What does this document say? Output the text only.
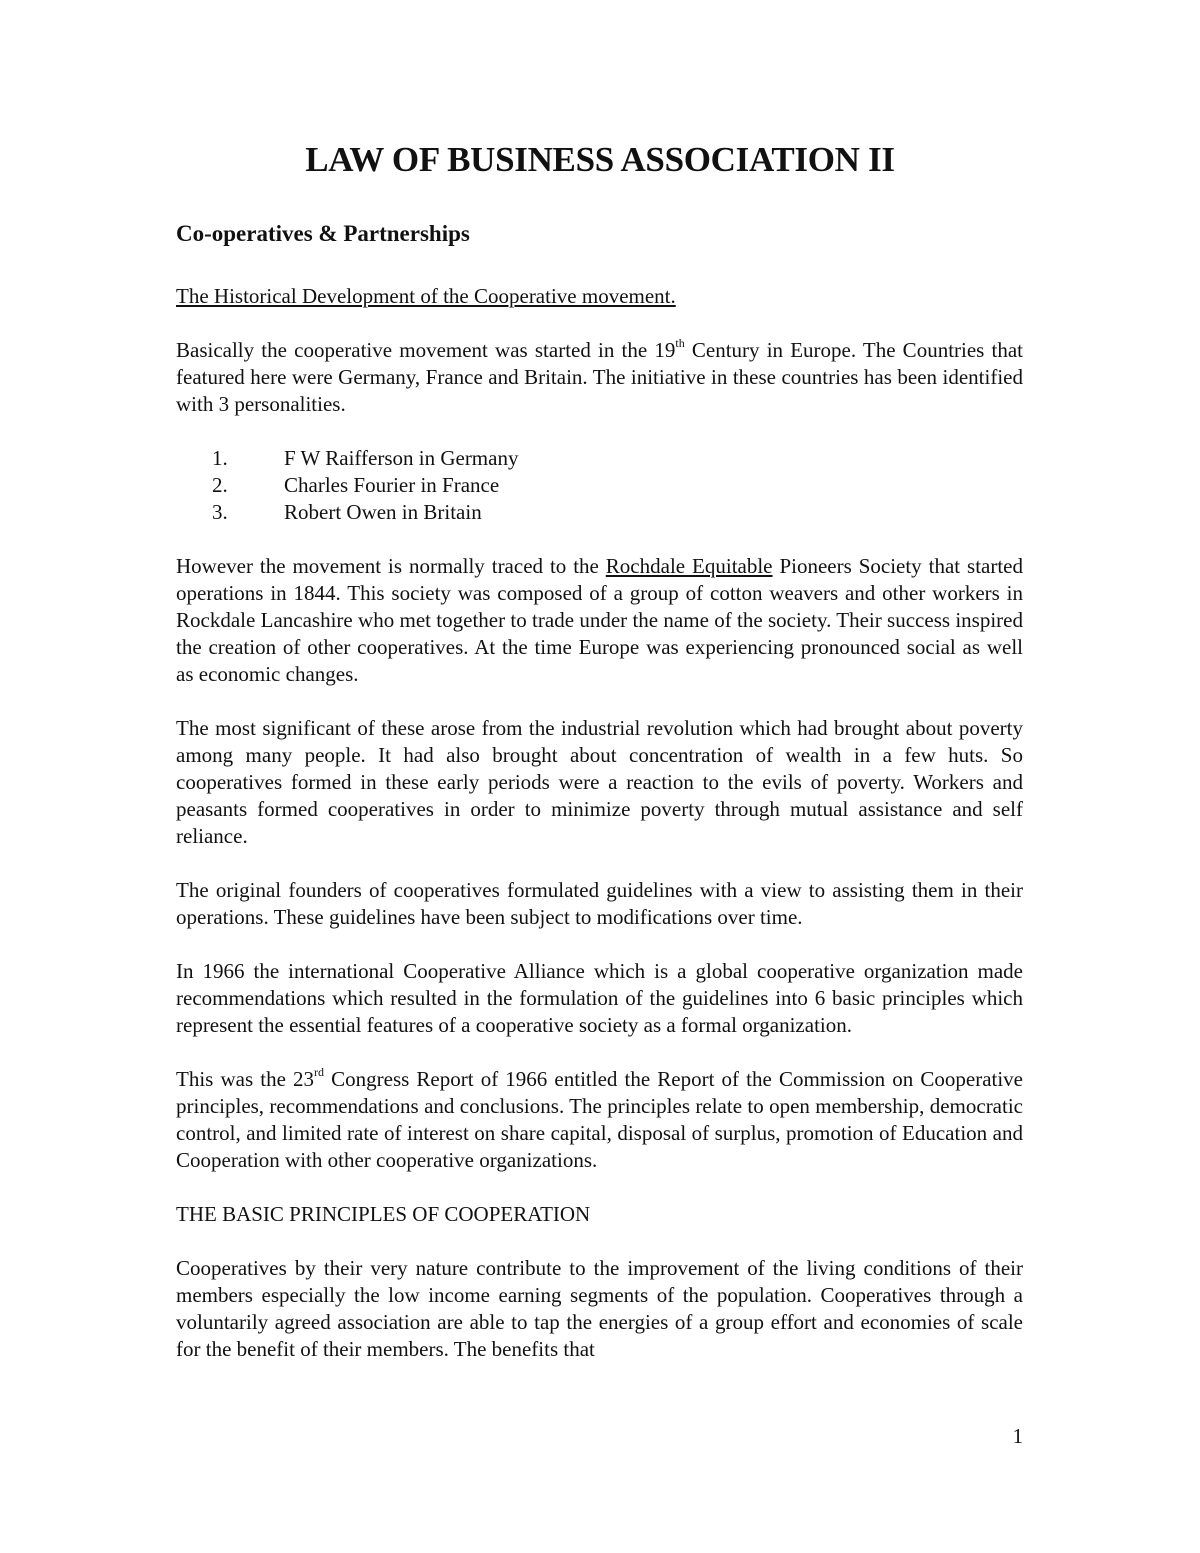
LAW OF BUSINESS ASSOCIATION II
Co-operatives & Partnerships
The Historical Development of the Cooperative movement.

Basically the cooperative movement was started in the 19th Century in Europe. The Countries that featured here were Germany, France and Britain. The initiative in these countries has been identified with 3 personalities.

1.	F W Raifferson in Germany
2.	Charles Fourier in France
3.	Robert Owen in Britain

However the movement is normally traced to the Rochdale Equitable Pioneers Society that started operations in 1844. This society was composed of a group of cotton weavers and other workers in Rockdale Lancashire who met together to trade under the name of the society. Their success inspired the creation of other cooperatives. At the time Europe was experiencing pronounced social as well as economic changes.

The most significant of these arose from the industrial revolution which had brought about poverty among many people. It had also brought about concentration of wealth in a few huts. So cooperatives formed in these early periods were a reaction to the evils of poverty. Workers and peasants formed cooperatives in order to minimize poverty through mutual assistance and self reliance.

The original founders of cooperatives formulated guidelines with a view to assisting them in their operations. These guidelines have been subject to modifications over time.

In 1966 the international Cooperative Alliance which is a global cooperative organization made recommendations which resulted in the formulation of the guidelines into 6 basic principles which represent the essential features of a cooperative society as a formal organization.

This was the 23rd Congress Report of 1966 entitled the Report of the Commission on Cooperative principles, recommendations and conclusions. The principles relate to open membership, democratic control, and limited rate of interest on share capital, disposal of surplus, promotion of Education and Cooperation with other cooperative organizations.

THE BASIC PRINCIPLES OF COOPERATION

Cooperatives by their very nature contribute to the improvement of the living conditions of their members especially the low income earning segments of the population. Cooperatives through a voluntarily agreed association are able to tap the energies of a group effort and economies of scale for the benefit of their members. The benefits that

1
